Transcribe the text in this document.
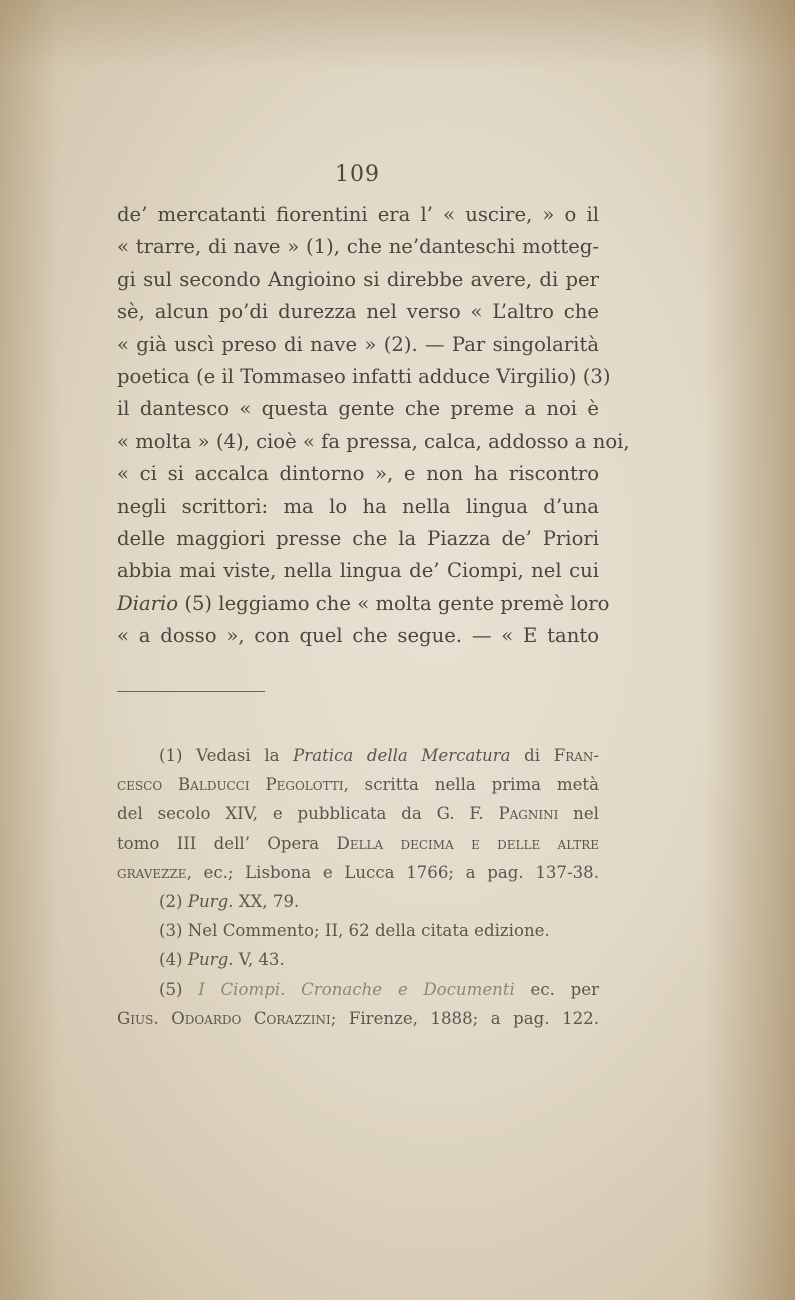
109
de’ mercatanti fiorentini era l’ « uscire, » o il
« trarre, di nave » (1), che ne’danteschi motteg-
gi sul secondo Angioino si direbbe avere, di per
sè, alcun po’di durezza nel verso « L’altro che
« già uscì preso di nave » (2). — Par singolarità
poetica (e il Tommaseo infatti adduce Virgilio) (3)
il dantesco « questa gente che preme a noi è
« molta » (4), cioè « fa pressa, calca, addosso a noi,
« ci si accalca dintorno », e non ha riscontro
negli scrittori: ma lo ha nella lingua d’una
delle maggiori presse che la Piazza de’ Priori
abbia mai viste, nella lingua de’ Ciompi, nel cui
Diario (5) leggiamo che « molta gente premè loro
« a dosso », con quel che segue. — « E tanto
(1) Vedasi la Pratica della Mercatura di Fran-
cesco Balducci Pegolotti, scritta nella prima metà
del secolo XIV, e pubblicata da G. F. Pagnini nel
tomo III dell’ Opera Della decima e delle altre
gravezze, ec.; Lisbona e Lucca 1766; a pag. 137-38.
(2) Purg. XX, 79.
(3) Nel Commento; II, 62 della citata edizione.
(4) Purg. V, 43.
(5) I Ciompi. Cronache e Documenti ec. per
Gius. Odoardo Corazzini; Firenze, 1888; a pag. 122.
